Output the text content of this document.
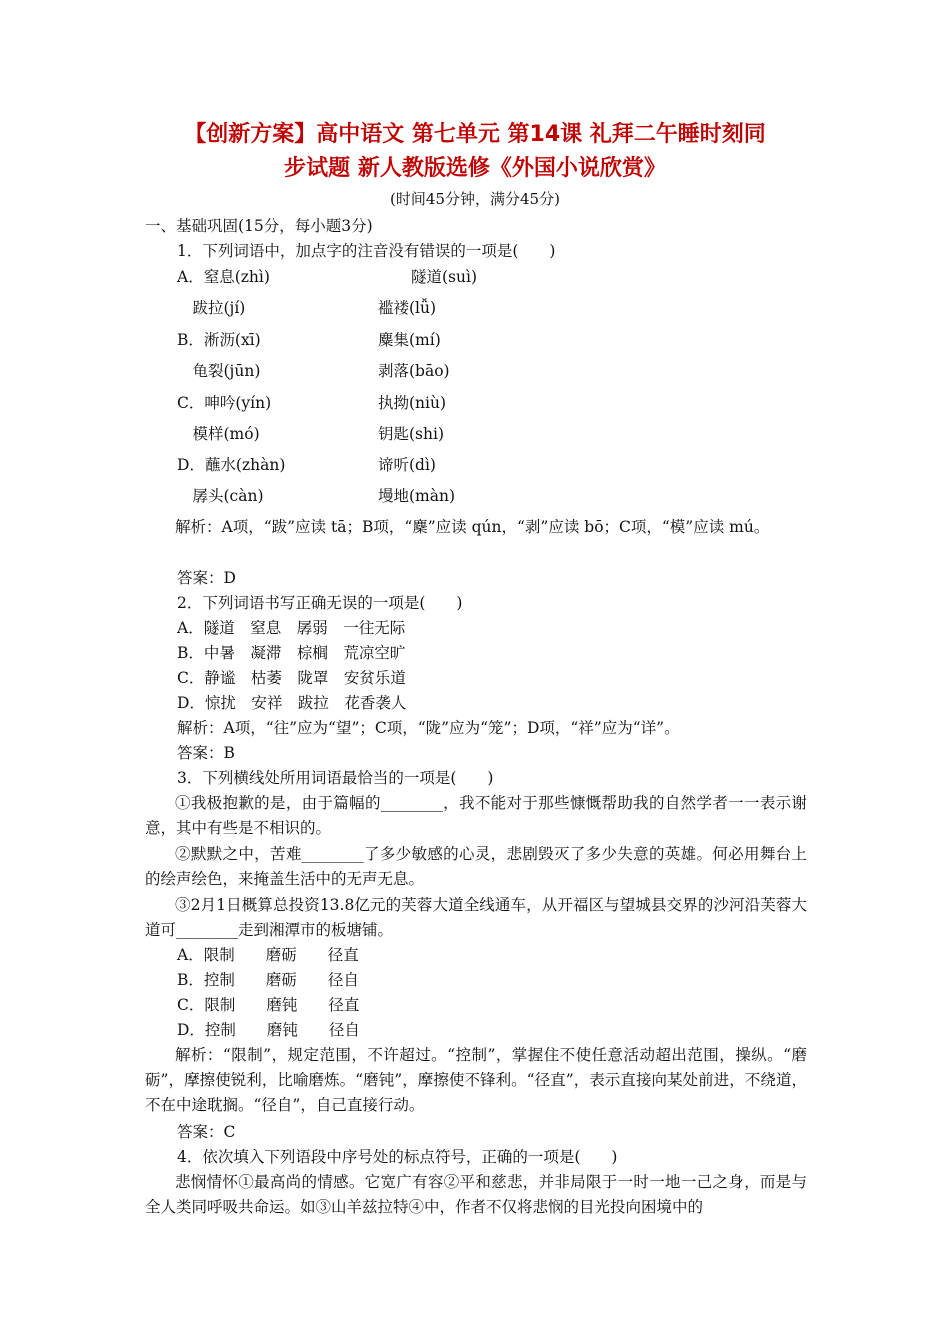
【创新方案】高中语文 第七单元 第14课 礼拜二午睡时刻同
步试题 新人教版选修《外国小说欣赏》
(时间45分钟，满分45分)
一、基础巩固(15分，每小题3分)
1．下列词语中，加点字的注音没有错误的一项是(　　)
A．窒息(zhì)	隧道(suì)
　跋拉(jí)	褴褛(lǚ)
B．淅沥(xī)	麋集(mí)
　龟裂(jūn)	剥落(bāo)
C．呻吟(yín)	执拗(niù)
　模样(mó)	钥匙(shi)
D．蘸水(zhàn)	谛听(dì)
　孱头(càn)	墁地(màn)
解析：A项，“跋”应读 tā；B项，“麇”应读 qún，“剥”应读 bō；C项，“模”应读 mú。
答案：D
2．下列词语书写正确无误的一项是(　　)
A．隧道　窒息　孱弱　一往无际
B．中暑　凝滞　棕榈　荒凉空旷
C．静谧　枯萎　陇罩　安贫乐道
D．惊扰　安祥　跋拉　花香袭人
解析：A项，“往”应为“望”；C项，“陇”应为“笼”；D项，“祥”应为“详”。
答案：B
3．下列横线处所用词语最恰当的一项是(　　)
①我极抱歉的是，由于篇幅的________，我不能对于那些慷慨帮助我的自然学者一一表示谢意，其中有些是不相识的。
②默默之中，苦难________了多少敏感的心灵，悲剧毁灭了多少失意的英雄。何必用舞台上的绘声绘色，来掩盖生活中的无声无息。
③2月1日概算总投资13.8亿元的芙蓉大道全线通车，从开福区与望城县交界的沙河沿芙蓉大道可________走到湘潭市的板塘铺。
A．限制　　磨砺　　径直
B．控制　　磨砺　　径自
C．限制　　磨钝　　径直
D．控制　　磨钝　　径自
解析：“限制”，规定范围，不许超过。“控制”，掌握住不使任意活动超出范围，操纵。“磨砺”，摩擦使锐利，比喻磨炼。“磨钝”，摩擦使不锋利。“径直”，表示直接向某处前进，不绕道，不在中途耽搁。“径自”，自己直接行动。
答案：C
4．依次填入下列语段中序号处的标点符号，正确的一项是(　　)
悲悯情怀①最高尚的情感。它宽广有容②平和慈悲，并非局限于一时一地一己之身，而是与全人类同呼吸共命运。如③山羊兹拉特④中，作者不仅将悲悯的目光投向困境中的
